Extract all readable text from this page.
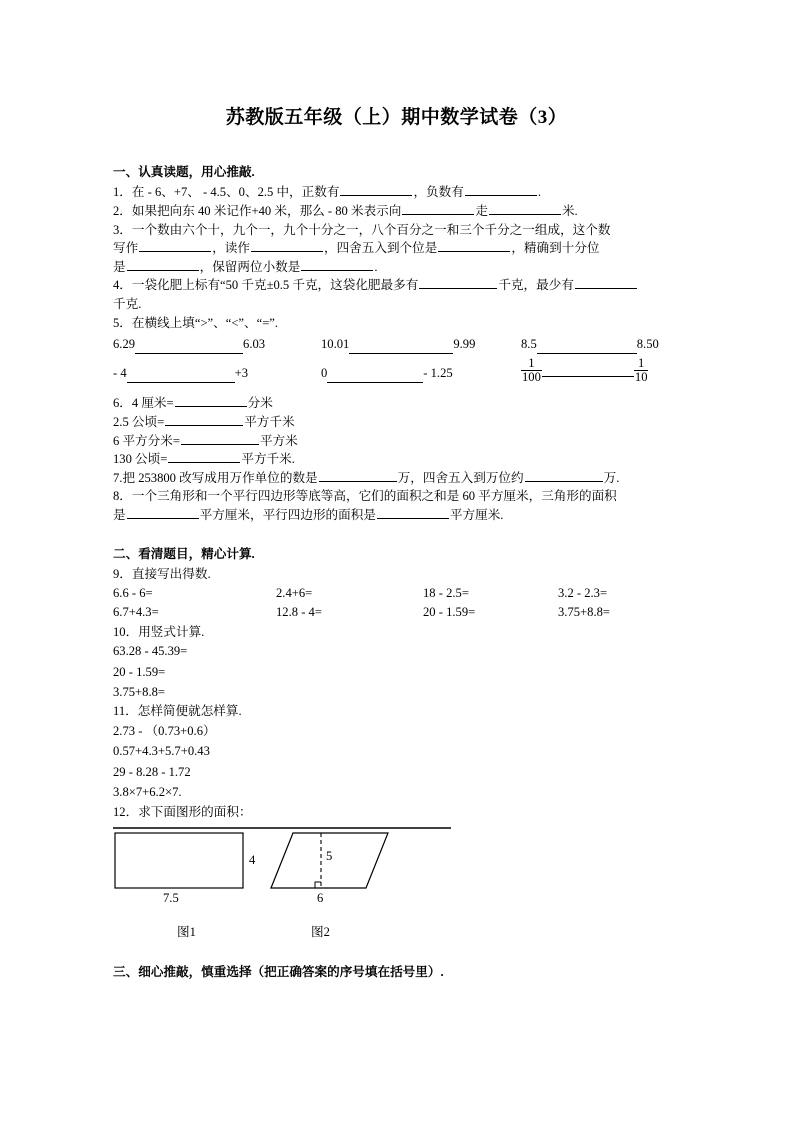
苏教版五年级（上）期中数学试卷（3）
一、认真读题，用心推敲.

1．在 - 6、+7、 - 4.5、0、2.5 中，正数有	，负数有	.

2．如果把向东 40 米记作+40 米，那么 - 80 米表示向	走	米.

3．一个数由六个十，九个一，九个十分之一，八个百分之一和三个千分之一组成，这个数

写作	，读作	，四舍五入到个位是	，精确到十分位

是	，保留两位小数是	.

4．一袋化肥上标有“50 千克±0.5 千克，这袋化肥最多有	千克，最少有

千克.

5．在横线上填“>”、“<”、“=”.

6.29	6.03	10.01	9.99	8.5	8.50
- 4	+3	0	- 1.25	$\frac{1}{100}$	$\frac{1}{10}$

6．4 厘米=	分米

2.5 公顷=	平方千米

6 平方分米=	平方米

130 公顷=	平方千米.

7.把 253800 改写成用万作单位的数是	万，四舍五入到万位约	万.

8．一个三角形和一个平行四边形等底等高，它们的面积之和是 60 平方厘米，三角形的面积

是	平方厘米，平行四边形的面积是	平方厘米.

二、看清题目，精心计算.

9．直接写出得数.

6.6 - 6=	2.4+6=	18 - 2.5=	3.2 - 2.3=
6.7+4.3=	12.8 - 4=	20 - 1.59=	3.75+8.8=

10．用竖式计算.

63.28 - 45.39=
20 - 1.59=
3.75+8.8=

11．怎样简便就怎样算.

2.73 - （0.73+0.6）
0.57+4.3+5.7+0.43
29 - 8.28 - 1.72
3.8×7+6.2×7.

12．求下面图形的面积：

4
7.5
5
6
图1	图2
三、细心推敲，慎重选择（把正确答案的序号填在括号里）.
